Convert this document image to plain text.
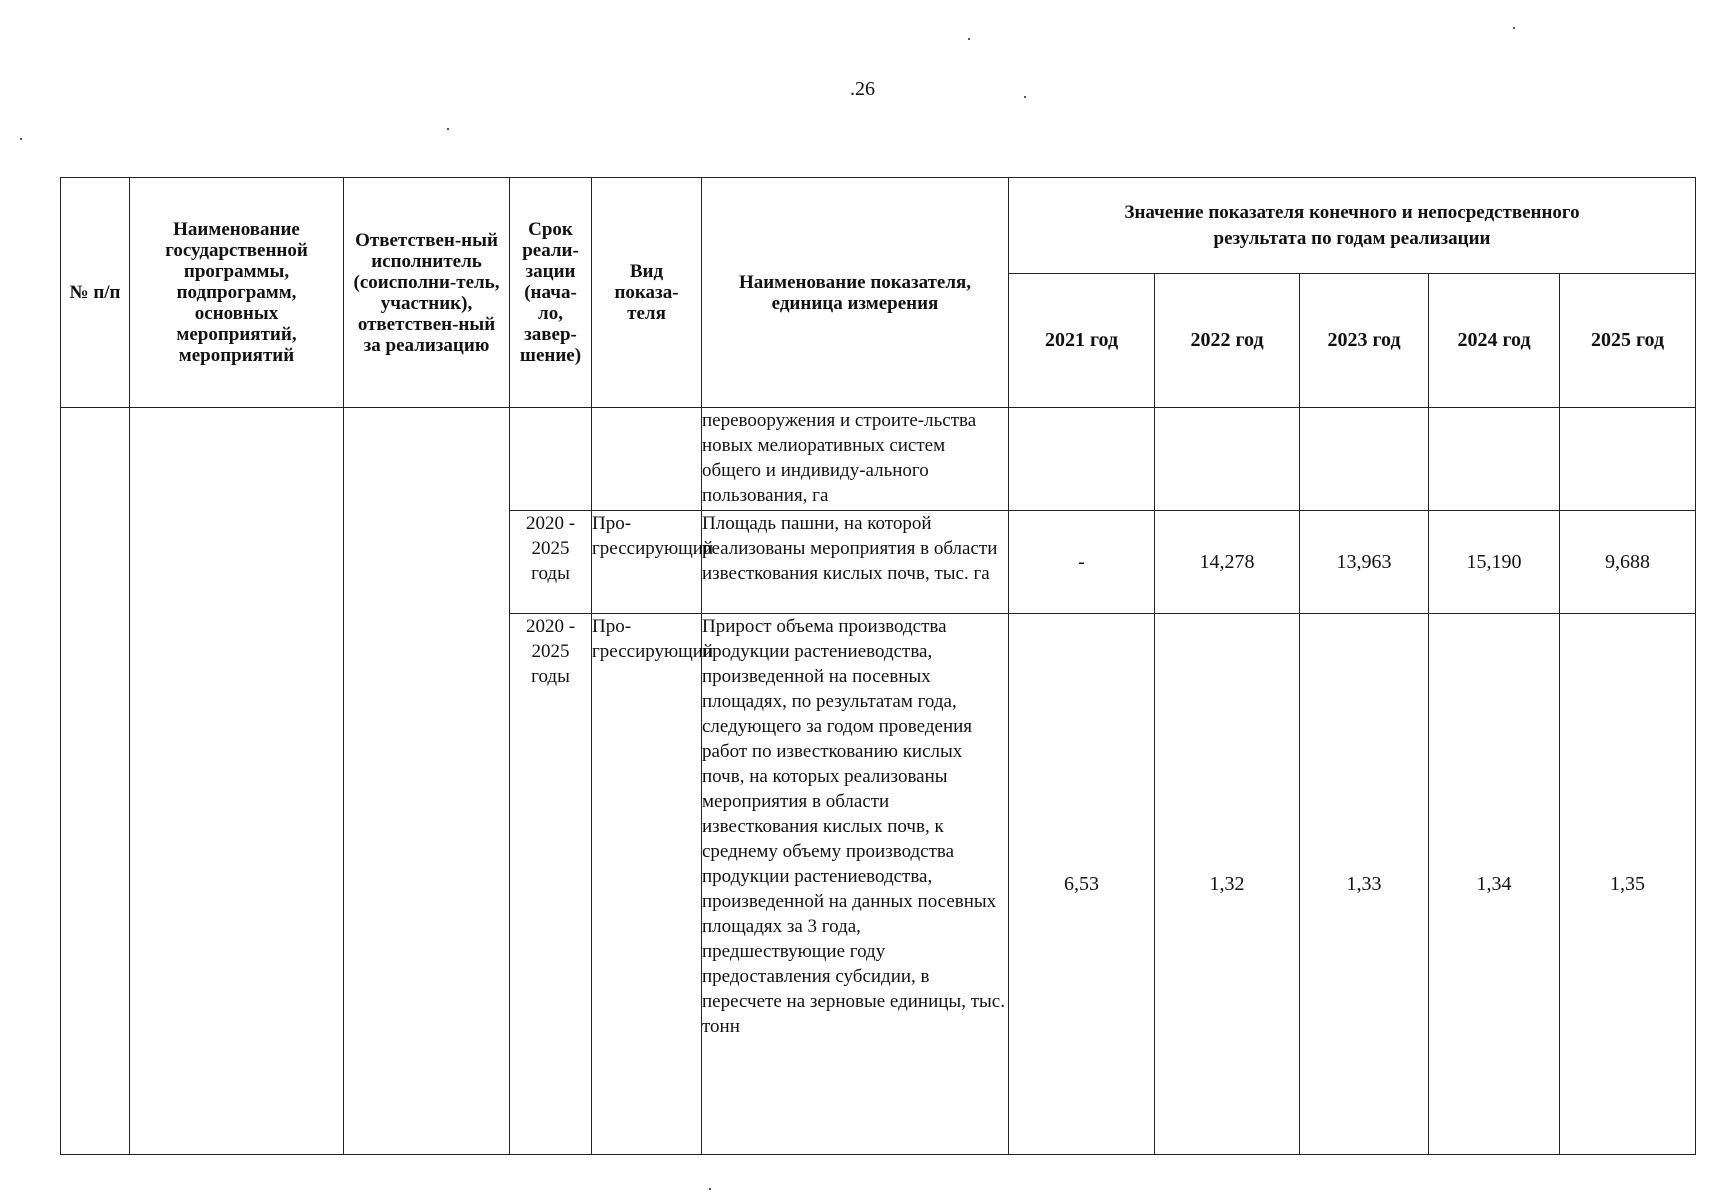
.26
№ п/п	Наименование государственной программы, подпрограмм, основных мероприятий, мероприятий	Ответствен-ный исполнитель (соисполни-тель, участник), ответствен-ный за реализацию	Срок реали-зации (нача-ло, завер-шение)	Вид показа-теля	Наименование показателя, единица измерения	Значение показателя конечного и непосредственного результата по годам реализации				
						2021 год	2022 год	2023 год	2024 год	2025 год
					перевооружения и строите-льства новых мелиоративных систем общего и индивиду-ального пользования, га					
			2020 - 2025 годы	Про-грессирующий	Площадь пашни, на которой реализованы мероприятия в области известкования кислых почв, тыс. га	-	14,278	13,963	15,190	9,688
			2020 - 2025 годы	Про-грессирующий	Прирост объема производства продукции растениеводства, произведенной на посевных площадях, по результатам года, следующего за годом проведения работ по известкованию кислых почв, на которых реализованы мероприятия в области известкования кислых почв, к среднему объему производства продукции растениеводства, произведенной на данных посевных площадях за 3 года, предшествующие году предоставления субсидии, в пересчете на зерновые единицы, тыс. тонн	6,53	1,32	1,33	1,34	1,35
